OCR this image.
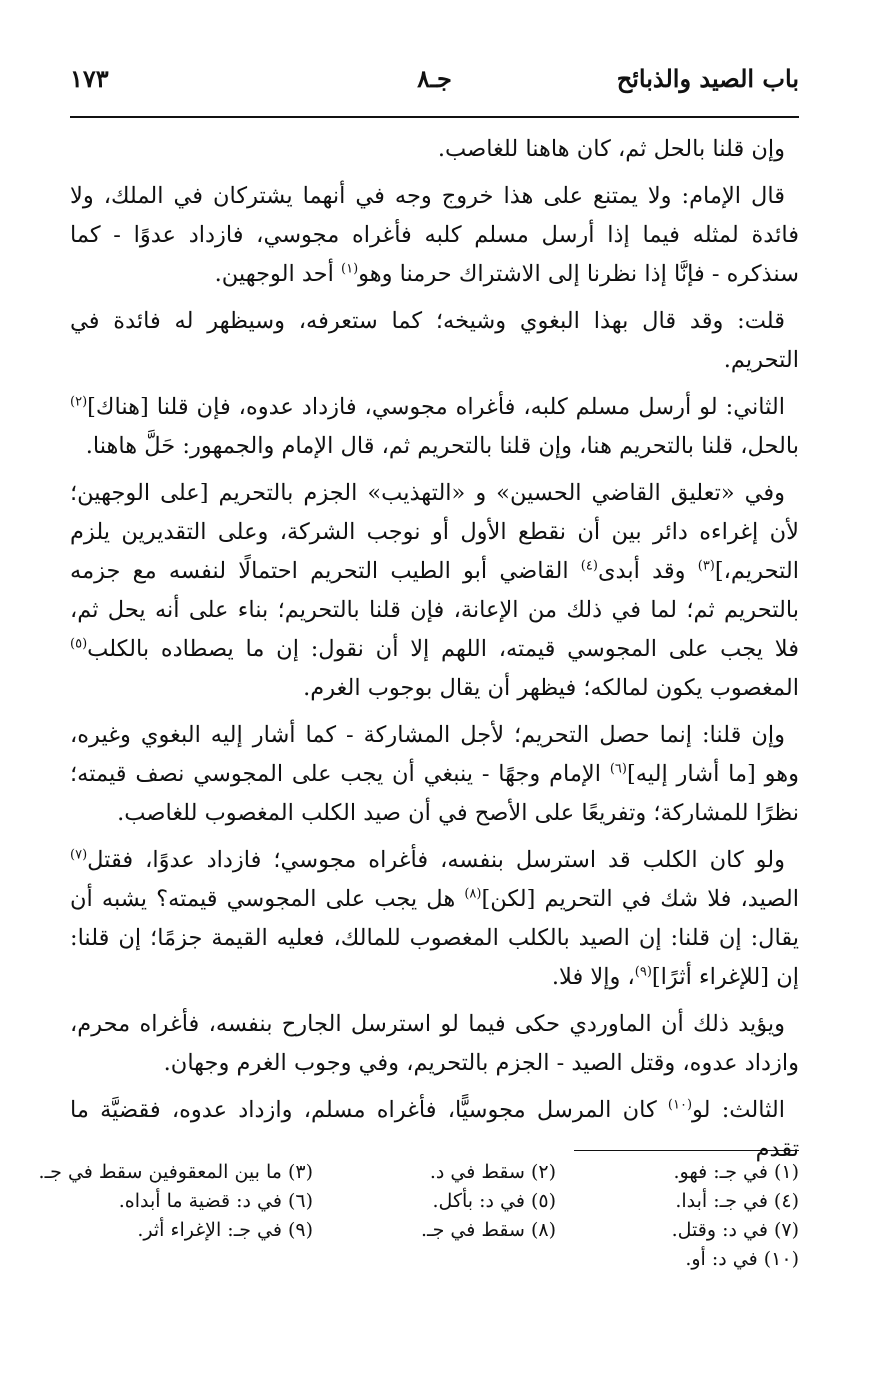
باب الصيد والذبائح
جـ٨
١٧٣

وإن قلنا بالحل ثم، كان هاهنا للغاصب.

قال الإمام: ولا يمتنع على هذا خروج وجه في أنهما يشتركان في الملك، ولا فائدة لمثله فيما إذا أرسل مسلم كلبه فأغراه مجوسي، فازداد عدوًا - كما سنذكره - فإنَّا إذا نظرنا إلى الاشتراك حرمنا وهو$^{(١)}$ أحد الوجهين.

قلت: وقد قال بهذا البغوي وشيخه؛ كما ستعرفه، وسيظهر له فائدة في التحريم.

الثاني: لو أرسل مسلم كلبه، فأغراه مجوسي، فازداد عدوه، فإن قلنا [هناك]$^{(٢)}$ بالحل، قلنا بالتحريم هنا، وإن قلنا بالتحريم ثم، قال الإمام والجمهور: حَلَّ هاهنا.

وفي «تعليق القاضي الحسين» و «التهذيب» الجزم بالتحريم [على الوجهين؛ لأن إغراءه دائر بين أن نقطع الأول أو نوجب الشركة، وعلى التقديرين يلزم التحريم،]$^{(٣)}$ وقد أبدى$^{(٤)}$ القاضي أبو الطيب التحريم احتمالًا لنفسه مع جزمه بالتحريم ثم؛ لما في ذلك من الإعانة، فإن قلنا بالتحريم؛ بناء على أنه يحل ثم، فلا يجب على المجوسي قيمته، اللهم إلا أن نقول: إن ما يصطاده بالكلب$^{(٥)}$ المغصوب يكون لمالكه؛ فيظهر أن يقال بوجوب الغرم.

وإن قلنا: إنما حصل التحريم؛ لأجل المشاركة - كما أشار إليه البغوي وغيره، وهو [ما أشار إليه]$^{(٦)}$ الإمام وجهًا - ينبغي أن يجب على المجوسي نصف قيمته؛ نظرًا للمشاركة؛ وتفريعًا على الأصح في أن صيد الكلب المغصوب للغاصب.

ولو كان الكلب قد استرسل بنفسه، فأغراه مجوسي؛ فازداد عدوًا، فقتل$^{(٧)}$ الصيد، فلا شك في التحريم [لكن]$^{(٨)}$ هل يجب على المجوسي قيمته؟ يشبه أن يقال: إن قلنا: إن الصيد بالكلب المغصوب للمالك، فعليه القيمة جزمًا؛ إن قلنا: إن [للإغراء أثرًا]$^{(٩)}$، وإلا فلا.

ويؤيد ذلك أن الماوردي حكى فيما لو استرسل الجارح بنفسه، فأغراه محرم، وازداد عدوه، وقتل الصيد - الجزم بالتحريم، وفي وجوب الغرم وجهان.

الثالث: لو$^{(١٠)}$ كان المرسل مجوسيًّا، فأغراه مسلم، وازداد عدوه، فقضيَّة ما تقدم

(١) في جـ: فهو.
(٢) سقط في د.
(٣) ما بين المعقوفين سقط في جـ.
(٤) في جـ: أبدا.
(٥) في د: بأكل.
(٦) في د: قضية ما أبداه.
(٧) في د: وقتل.
(٨) سقط في جـ.
(٩) في جـ: الإغراء أثر.
(١٠) في د: أو.
